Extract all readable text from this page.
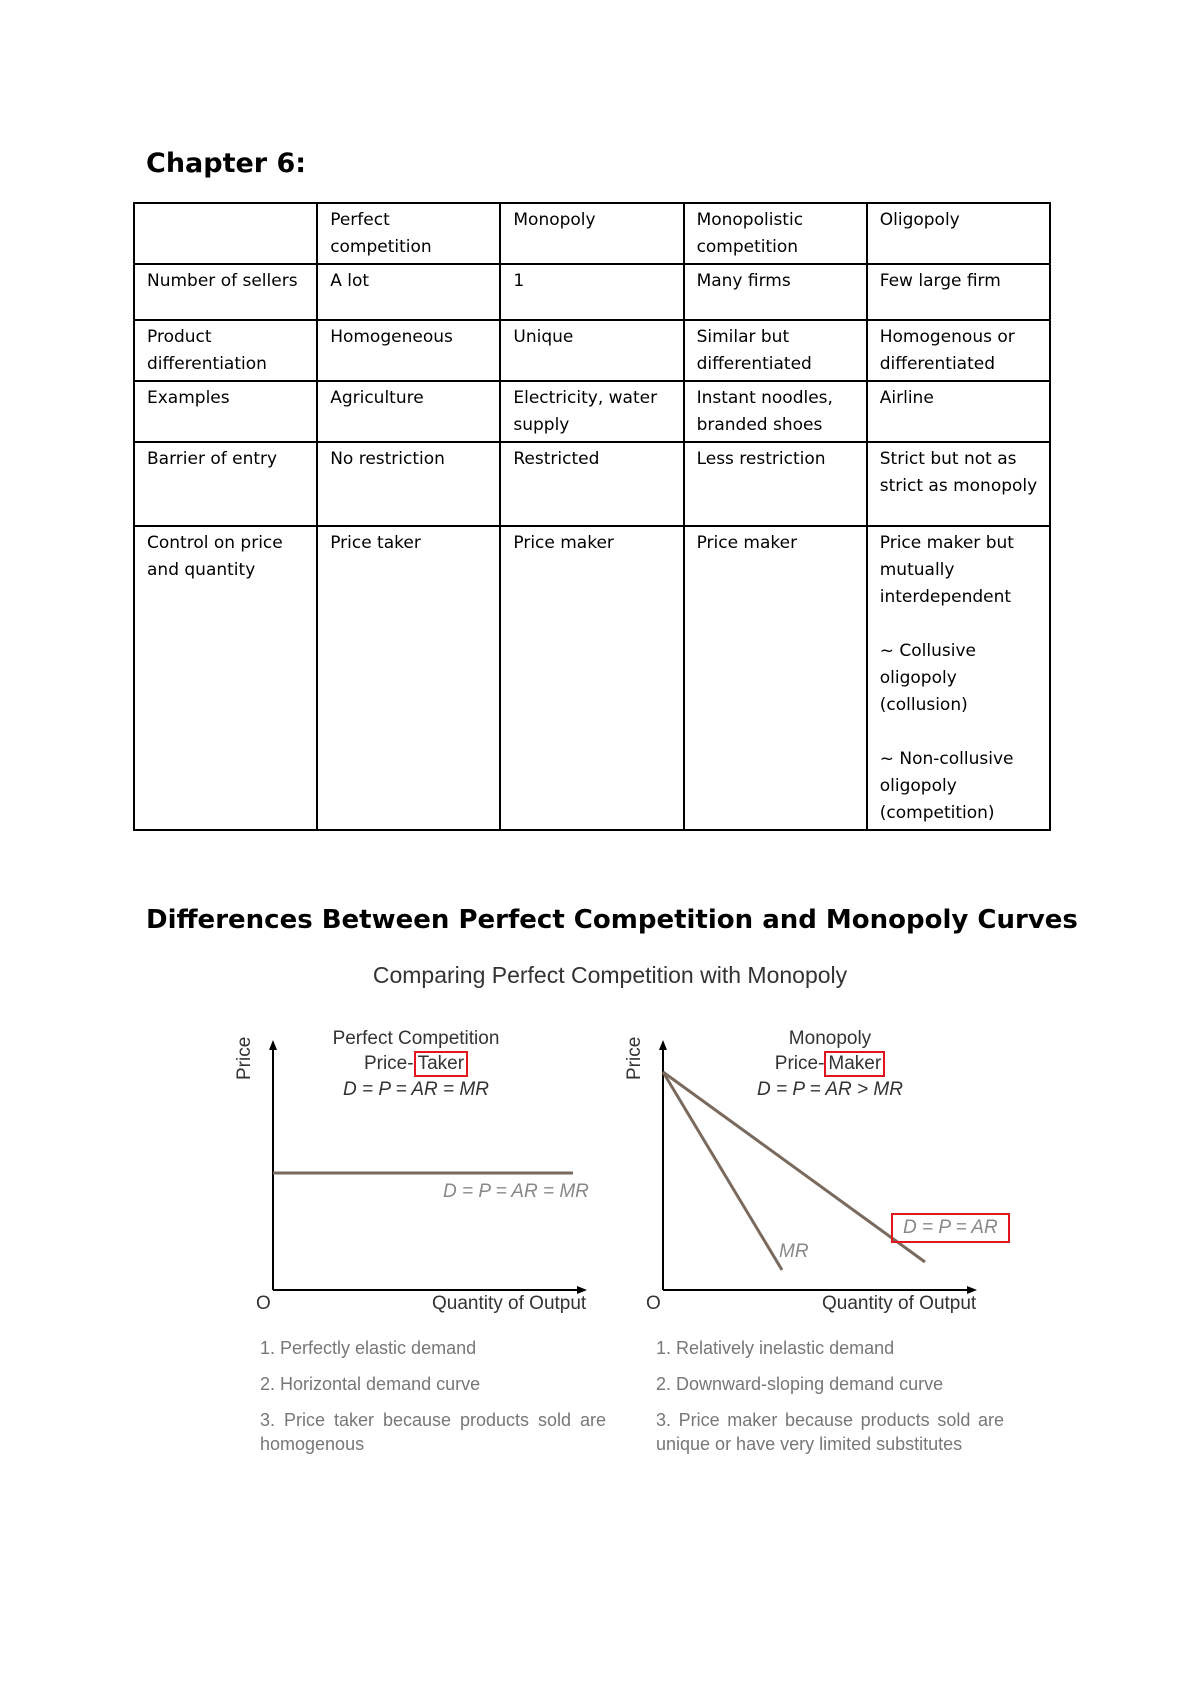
Chapter 6:
	Perfect competition	Monopoly	Monopolistic competition	Oligopoly
Number of sellers	A lot	1	Many firms	Few large firm
Product differentiation	Homogeneous	Unique	Similar but differentiated	Homogenous or differentiated
Examples	Agriculture	Electricity, water supply	Instant noodles, branded shoes	Airline
Barrier of entry	No restriction	Restricted	Less restriction	Strict but not as strict as monopoly
Control on price and quantity	Price taker	Price maker	Price maker	Price maker but mutually interdependent
~ Collusive oligopoly (collusion)
~ Non-collusive oligopoly (competition)
Differences Between Perfect Competition and Monopoly Curves
Comparing Perfect Competition with Monopoly
Perfect Competition
Price- Taker
D = P = AR = MR
Price
O	Quantity of Output
D = P = AR = MR
Monopoly
Price- Maker
D = P = AR > MR
Price
O	Quantity of Output
MR
D = P = AR

1. Perfectly elastic demand

2. Horizontal demand curve

3. Price taker because products sold are homogenous

1. Relatively inelastic demand

2. Downward-sloping demand curve

3. Price maker because products sold are unique or have very limited substitutes
